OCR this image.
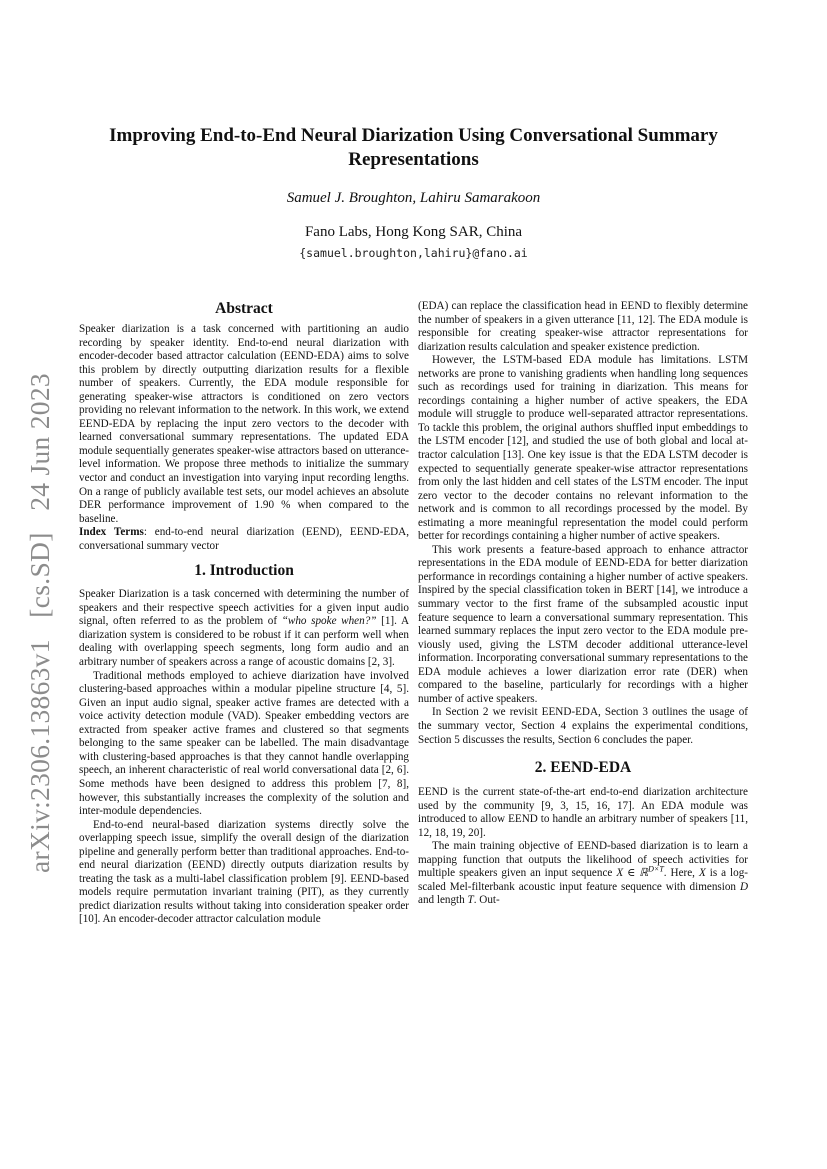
arXiv:2306.13863v1   [cs.SD]   24 Jun 2023
Improving End-to-End Neural Diarization Using Conversational Summary
Representations
Samuel J. Broughton, Lahiru Samarakoon
Fano Labs, Hong Kong SAR, China
{samuel.broughton,lahiru}@fano.ai
Abstract

Speaker diarization is a task concerned with partitioning an audio recording by speaker identity. End-to-end neural diarization with encoder-decoder based attractor calculation (EEND-EDA) aims to solve this problem by directly outputting diarization results for a flexible number of speakers. Currently, the EDA module responsible for generating speaker-wise attractors is conditioned on zero vectors providing no relevant information to the network. In this work, we extend EEND-EDA by replacing the input zero vectors to the decoder with learned conversational summary representations. The updated EDA module sequentially generates speaker-wise attractors based on utterance-level information. We propose three methods to initialize the summary vector and conduct an investigation into varying input recording lengths. On a range of publicly available test sets, our model achieves an absolute DER performance improvement of 1.90 % when compared to the baseline.

Index Terms: end-to-end neural diarization (EEND), EEND-EDA, conversational summary vector

1. Introduction

Speaker Diarization is a task concerned with determining the number of speakers and their respective speech activities for a given input audio signal, often referred to as the problem of “who spoke when?” [1]. A diarization system is considered to be robust if it can perform well when dealing with overlapping speech segments, long form audio and an arbitrary number of speakers across a range of acoustic domains [2, 3].

Traditional methods employed to achieve diarization have involved clustering-based approaches within a modular pipeline structure [4, 5]. Given an input audio signal, speaker active frames are detected with a voice activity detection module (VAD). Speaker embedding vectors are extracted from speaker active frames and clustered so that segments belonging to the same speaker can be labelled. The main disadvantage with clustering-based approaches is that they cannot handle overlapping speech, an inherent characteristic of real world conversational data [2, 6]. Some methods have been designed to address this problem [7, 8], however, this substantially increases the complexity of the solution and inter-module dependencies.

End-to-end neural-based diarization systems directly solve the overlapping speech issue, simplify the overall design of the diarization pipeline and generally perform better than traditional approaches. End-to-end neural diarization (EEND) directly outputs diarization results by treating the task as a multi-label classification problem [9]. EEND-based models require permutation invariant training (PIT), as they currently predict diarization results without taking into consideration speaker order [10]. An encoder-decoder attractor calculation module

(EDA) can replace the classification head in EEND to flexibly determine the number of speakers in a given utterance [11, 12]. The EDA module is responsible for creating speaker-wise attractor representations for diarization results calculation and speaker existence prediction.

However, the LSTM-based EDA module has limitations. LSTM networks are prone to vanishing gradients when handling long sequences such as recordings used for training in diarization. This means for recordings containing a higher number of active speakers, the EDA module will struggle to produce well-separated attractor representations. To tackle this problem, the original authors shuffled input embeddings to the LSTM encoder [12], and studied the use of both global and local attractor calculation [13]. One key issue is that the EDA LSTM decoder is expected to sequentially generate speaker-wise attractor representations from only the last hidden and cell states of the LSTM encoder. The input zero vector to the decoder contains no relevant information to the network and is common to all recordings processed by the model. By estimating a more meaningful representation the model could perform better for recordings containing a higher number of active speakers.

This work presents a feature-based approach to enhance attractor representations in the EDA module of EEND-EDA for better diarization performance in recordings containing a higher number of active speakers. Inspired by the special classification token in BERT [14], we introduce a summary vector to the first frame of the subsampled acoustic input feature sequence to learn a conversational summary representation. This learned summary replaces the input zero vector to the EDA module previously used, giving the LSTM decoder additional utterance-level information. Incorporating conversational summary representations to the EDA module achieves a lower diarization error rate (DER) when compared to the baseline, particularly for recordings with a higher number of active speakers.

In Section 2 we revisit EEND-EDA, Section 3 outlines the usage of the summary vector, Section 4 explains the experimental conditions, Section 5 discusses the results, Section 6 concludes the paper.

2. EEND-EDA

EEND is the current state-of-the-art end-to-end diarization architecture used by the community [9, 3, 15, 16, 17]. An EDA module was introduced to allow EEND to handle an arbitrary number of speakers [11, 12, 18, 19, 20].

The main training objective of EEND-based diarization is to learn a mapping function that outputs the likelihood of speech activities for multiple speakers given an input sequence X ∈ ℝ$^{D\times T}$. Here, X is a log-scaled Mel-filterbank acoustic input feature sequence with dimension D and length T. Out-
